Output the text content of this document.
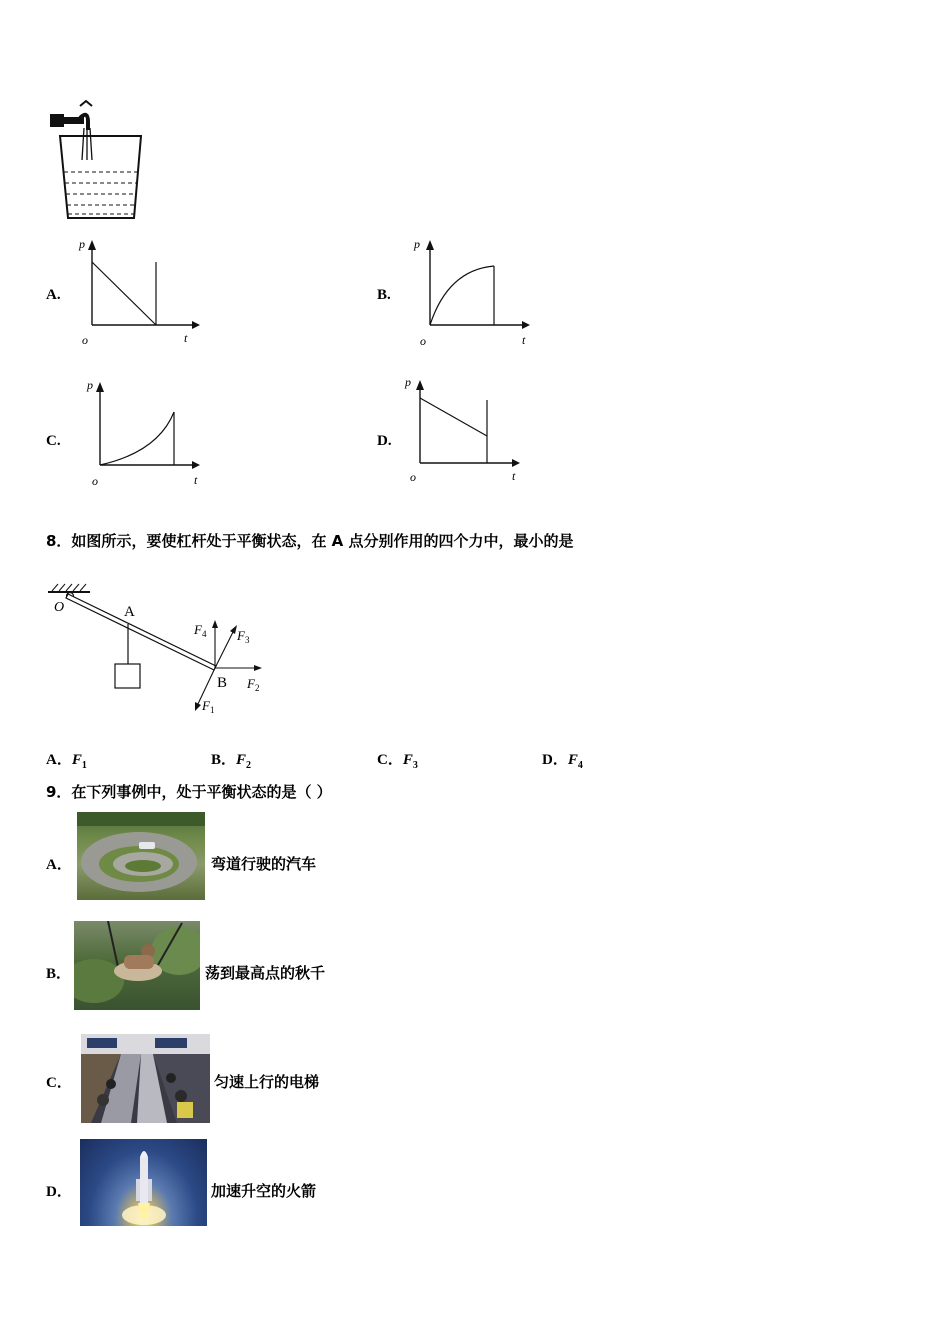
A.
p
t
o
B.
p
t
o
C.
p
t
o
D.
p
t
o
8．如图所示，要使杠杆处于平衡状态，在 A 点分别作用的四个力中，最小的是
O	A
B
$F_4$ $F_3$
$F_2$
$F_1$
A．$F_1$	B．$F_2$	C．$F_3$	D．$F_4$
9．在下列事例中，处于平衡状态的是（ ）
A．	弯道行驶的汽车
B．	荡到最高点的秋千
C．	匀速上行的电梯
D．	加速升空的火箭
